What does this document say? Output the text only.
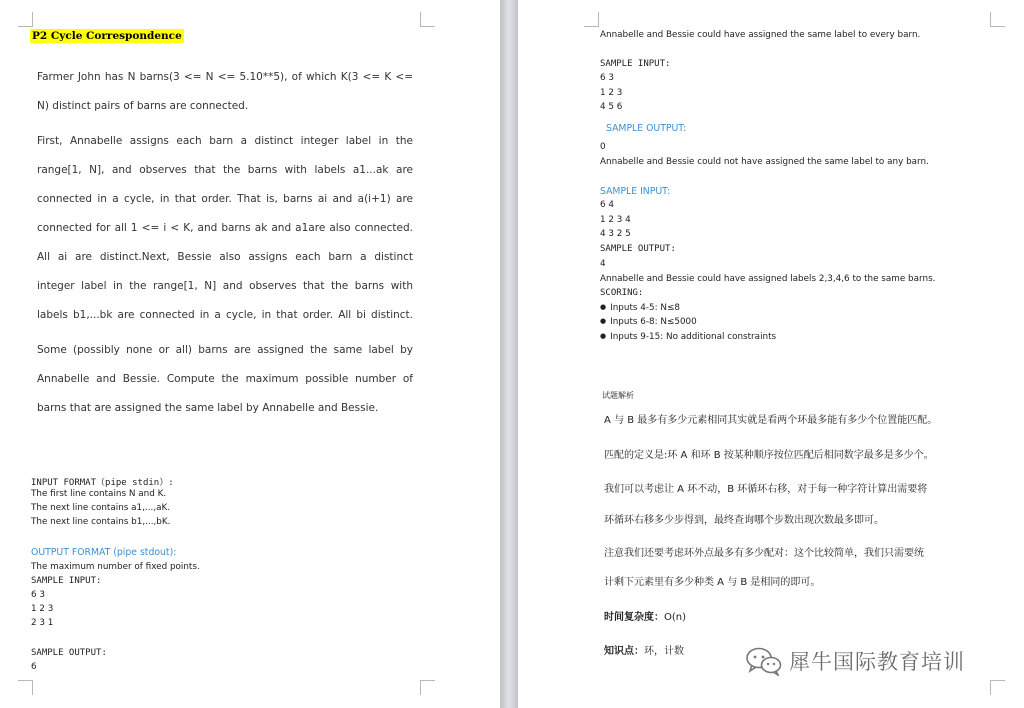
P2 Cycle Correspondence
Farmer John has N barns(3 <= N <= 5.10**5), of which K(3 <= K <=
N) distinct pairs of barns are connected.
First, Annabelle assigns each barn a distinct integer label in the
range[1, N], and observes that the barns with labels a1...ak are
connected in a cycle, in that order. That is, barns ai and a(i+1) are
connected for all 1 <= i < K, and barns ak and a1are also connected.
All ai are distinct.Next, Bessie also assigns each barn a distinct
integer label in the range[1, N] and observes that the barns with
labels b1,...bk are connected in a cycle, in that order. All bi distinct.
Some (possibly none or all) barns are assigned the same label by
Annabelle and Bessie. Compute the maximum possible number of
barns that are assigned the same label by Annabelle and Bessie.
INPUT FORMAT（pipe stdin）:
The first line contains N and K.
The next line contains a1,...,aK.
The next line contains b1,...,bK.
OUTPUT FORMAT (pipe stdout):
The maximum number of fixed points.
SAMPLE INPUT:
6 3
1 2 3
2 3 1
SAMPLE OUTPUT:
6
Annabelle and Bessie could have assigned the same label to every barn.
SAMPLE INPUT:
6 3
1 2 3
4 5 6
SAMPLE OUTPUT:
0
Annabelle and Bessie could not have assigned the same label to any barn.
SAMPLE INPUT:
6 4
1 2 3 4
4 3 2 5
SAMPLE OUTPUT:
4
Annabelle and Bessie could have assigned labels 2,3,4,6 to the same barns.
SCORING:
● Inputs 4-5: N≤8
● Inputs 6-8: N≤5000
● Inputs 9-15: No additional constraints
试题解析
A 与 B 最多有多少元素相同其实就是看两个环最多能有多少个位置能匹配。
匹配的定义是:环 A 和环 B 按某种顺序按位匹配后相同数字最多是多少个。
我们可以考虑让 A 环不动，B 环循环右移，对于每一种字符计算出需要将
环循环右移多少步得到，最终查询哪个步数出现次数最多即可。
注意我们还要考虑环外点最多有多少配对：这个比较简单，我们只需要统
计剩下元素里有多少种类 A 与 B 是相同的即可。
时间复杂度：O(n)
知识点：环，计数	犀牛国际教育培训
